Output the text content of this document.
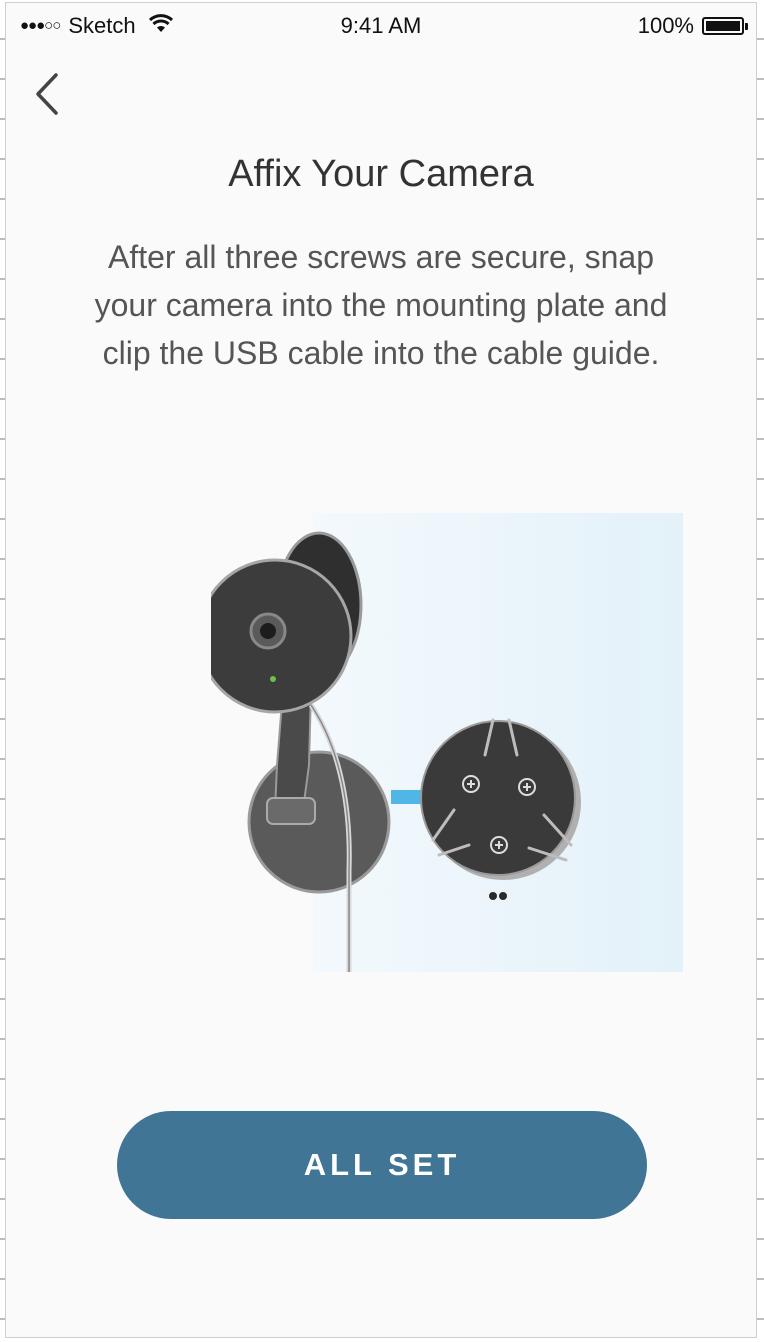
●●●○○ Sketch	9:41 AM	100%
Affix Your Camera
After all three screws are secure, snap your camera into the mounting plate and clip the USB cable into the cable guide.
ALL SET
